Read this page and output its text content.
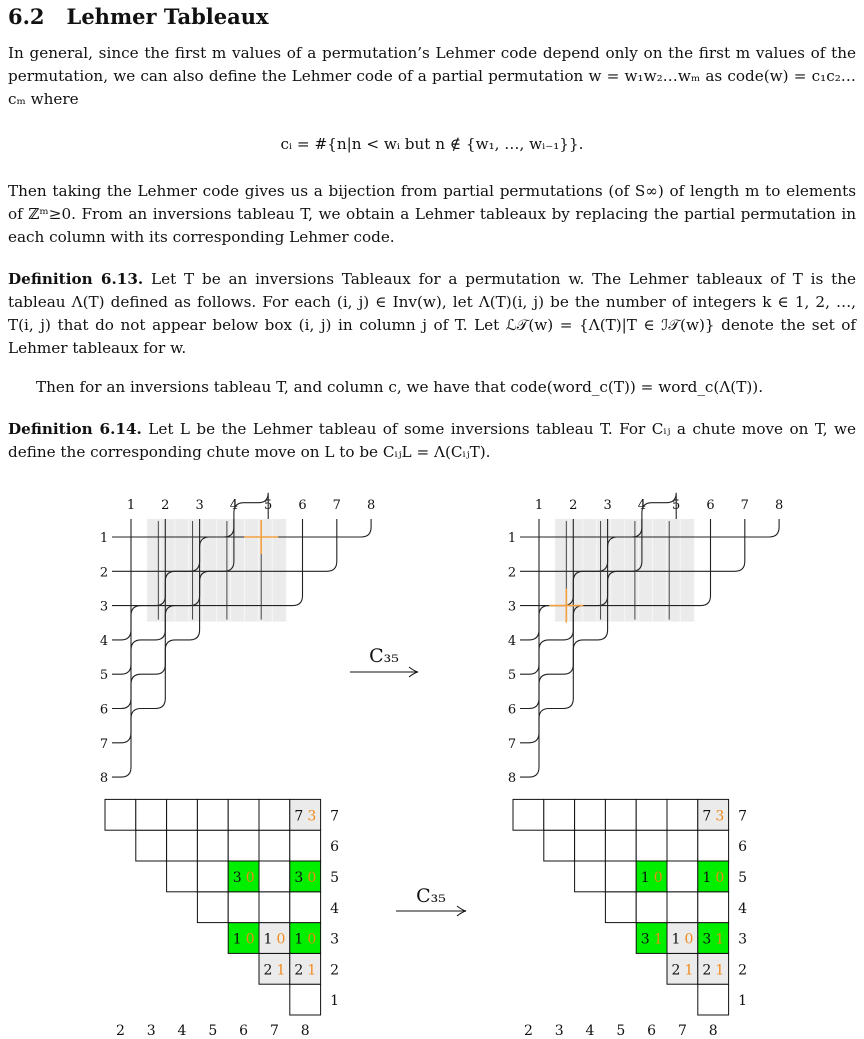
6.2 Lehmer Tableaux

In general, since the first m values of a permutation’s Lehmer code depend only on the first m values of the permutation, we can also define the Lehmer code of a partial permutation w = w₁w₂…wₘ as code(w) = c₁c₂…cₘ where

cᵢ = #{n|n < wᵢ but n ∉ {w₁, …, wᵢ₋₁}}.

Then taking the Lehmer code gives us a bijection from partial permutations (of S∞) of length m to elements of ℤᵐ≥0. From an inversions tableau T, we obtain a Lehmer tableaux by replacing the partial permutation in each column with its corresponding Lehmer code.

Definition 6.13. Let T be an inversions Tableaux for a permutation w. The Lehmer tableaux of T is the tableau Λ(T) defined as follows. For each (i, j) ∈ Inv(w), let Λ(T)(i, j) be the number of integers k ∈ 1, 2, …, T(i, j) that do not appear below box (i, j) in column j of T. Let ℒ𝒯(w) = {Λ(T)|T ∈ ℐ𝒯(w)} denote the set of Lehmer tableaux for w.

Then for an inversions tableau T, and column c, we have that code(word_c(T)) = word_c(Λ(T)).

Definition 6.14. Let L be the Lehmer tableau of some inversions tableau T. For Cᵢⱼ a chute move on T, we define the corresponding chute move on L to be CᵢⱼL = Λ(CᵢⱼT).

1 2 3 4 5 6 7 8
1
2
3
4
5
6
7
8
1 2 3 4 5 6 7 8
1
2
3
4
5
6
7
8
C₃₅
C₃₅
2 1 2 1
1 0 1 0 1 0
3 0	3 0
7 3
2 3 4 5 6 7 8
1
2
3
4
5
6
7
2 1 2 1
3 1 1 0 3 1
1 0	1 0
7 3
2 3 4 5 6 7 8
1
2
3
4
5
6
7
